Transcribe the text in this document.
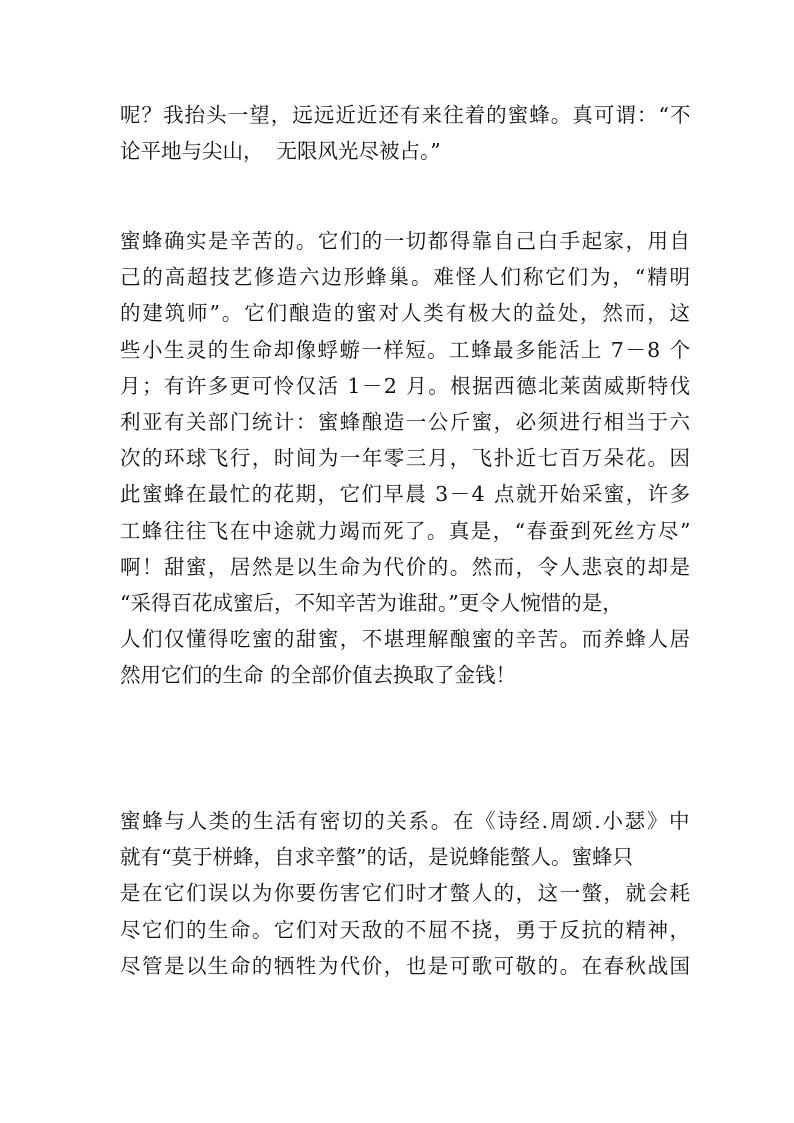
呢？我抬头一望，远远近近还有来往着的蜜蜂。真可谓：“不
论平地与尖山，  无限风光尽被占。”
蜜蜂确实是辛苦的。它们的一切都得靠自己白手起家，用自
己的高超技艺修造六边形蜂巢。难怪人们称它们为，“精明
的建筑师”。它们酿造的蜜对人类有极大的益处，然而，这
些小生灵的生命却像蜉蝣一样短。工蜂最多能活上 7－8 个
月；有许多更可怜仅活 1－2 月。根据西德北莱茵威斯特伐
利亚有关部门统计：蜜蜂酿造一公斤蜜，必须进行相当于六
次的环球飞行，时间为一年零三月，飞扑近七百万朵花。因
此蜜蜂在最忙的花期，它们早晨 3－4 点就开始采蜜，许多
工蜂往往飞在中途就力竭而死了。真是，“春蚕到死丝方尽”
啊！甜蜜，居然是以生命为代价的。然而，令人悲哀的却是
“采得百花成蜜后，不知辛苦为谁甜。”更令人惋惜的是，
人们仅懂得吃蜜的甜蜜，不堪理解酿蜜的辛苦。而养蜂人居
然用它们的生命 的全部价值去换取了金钱！
蜜蜂与人类的生活有密切的关系。在《诗经.周颂.小瑟》中
就有“莫于栟蜂，自求辛螫”的话，是说蜂能螫人。蜜蜂只
是在它们误以为你要伤害它们时才螫人的，这一螫，就会耗
尽它们的生命。它们对天敌的不屈不挠，勇于反抗的精神，
尽管是以生命的牺牲为代价，也是可歌可敬的。在春秋战国
